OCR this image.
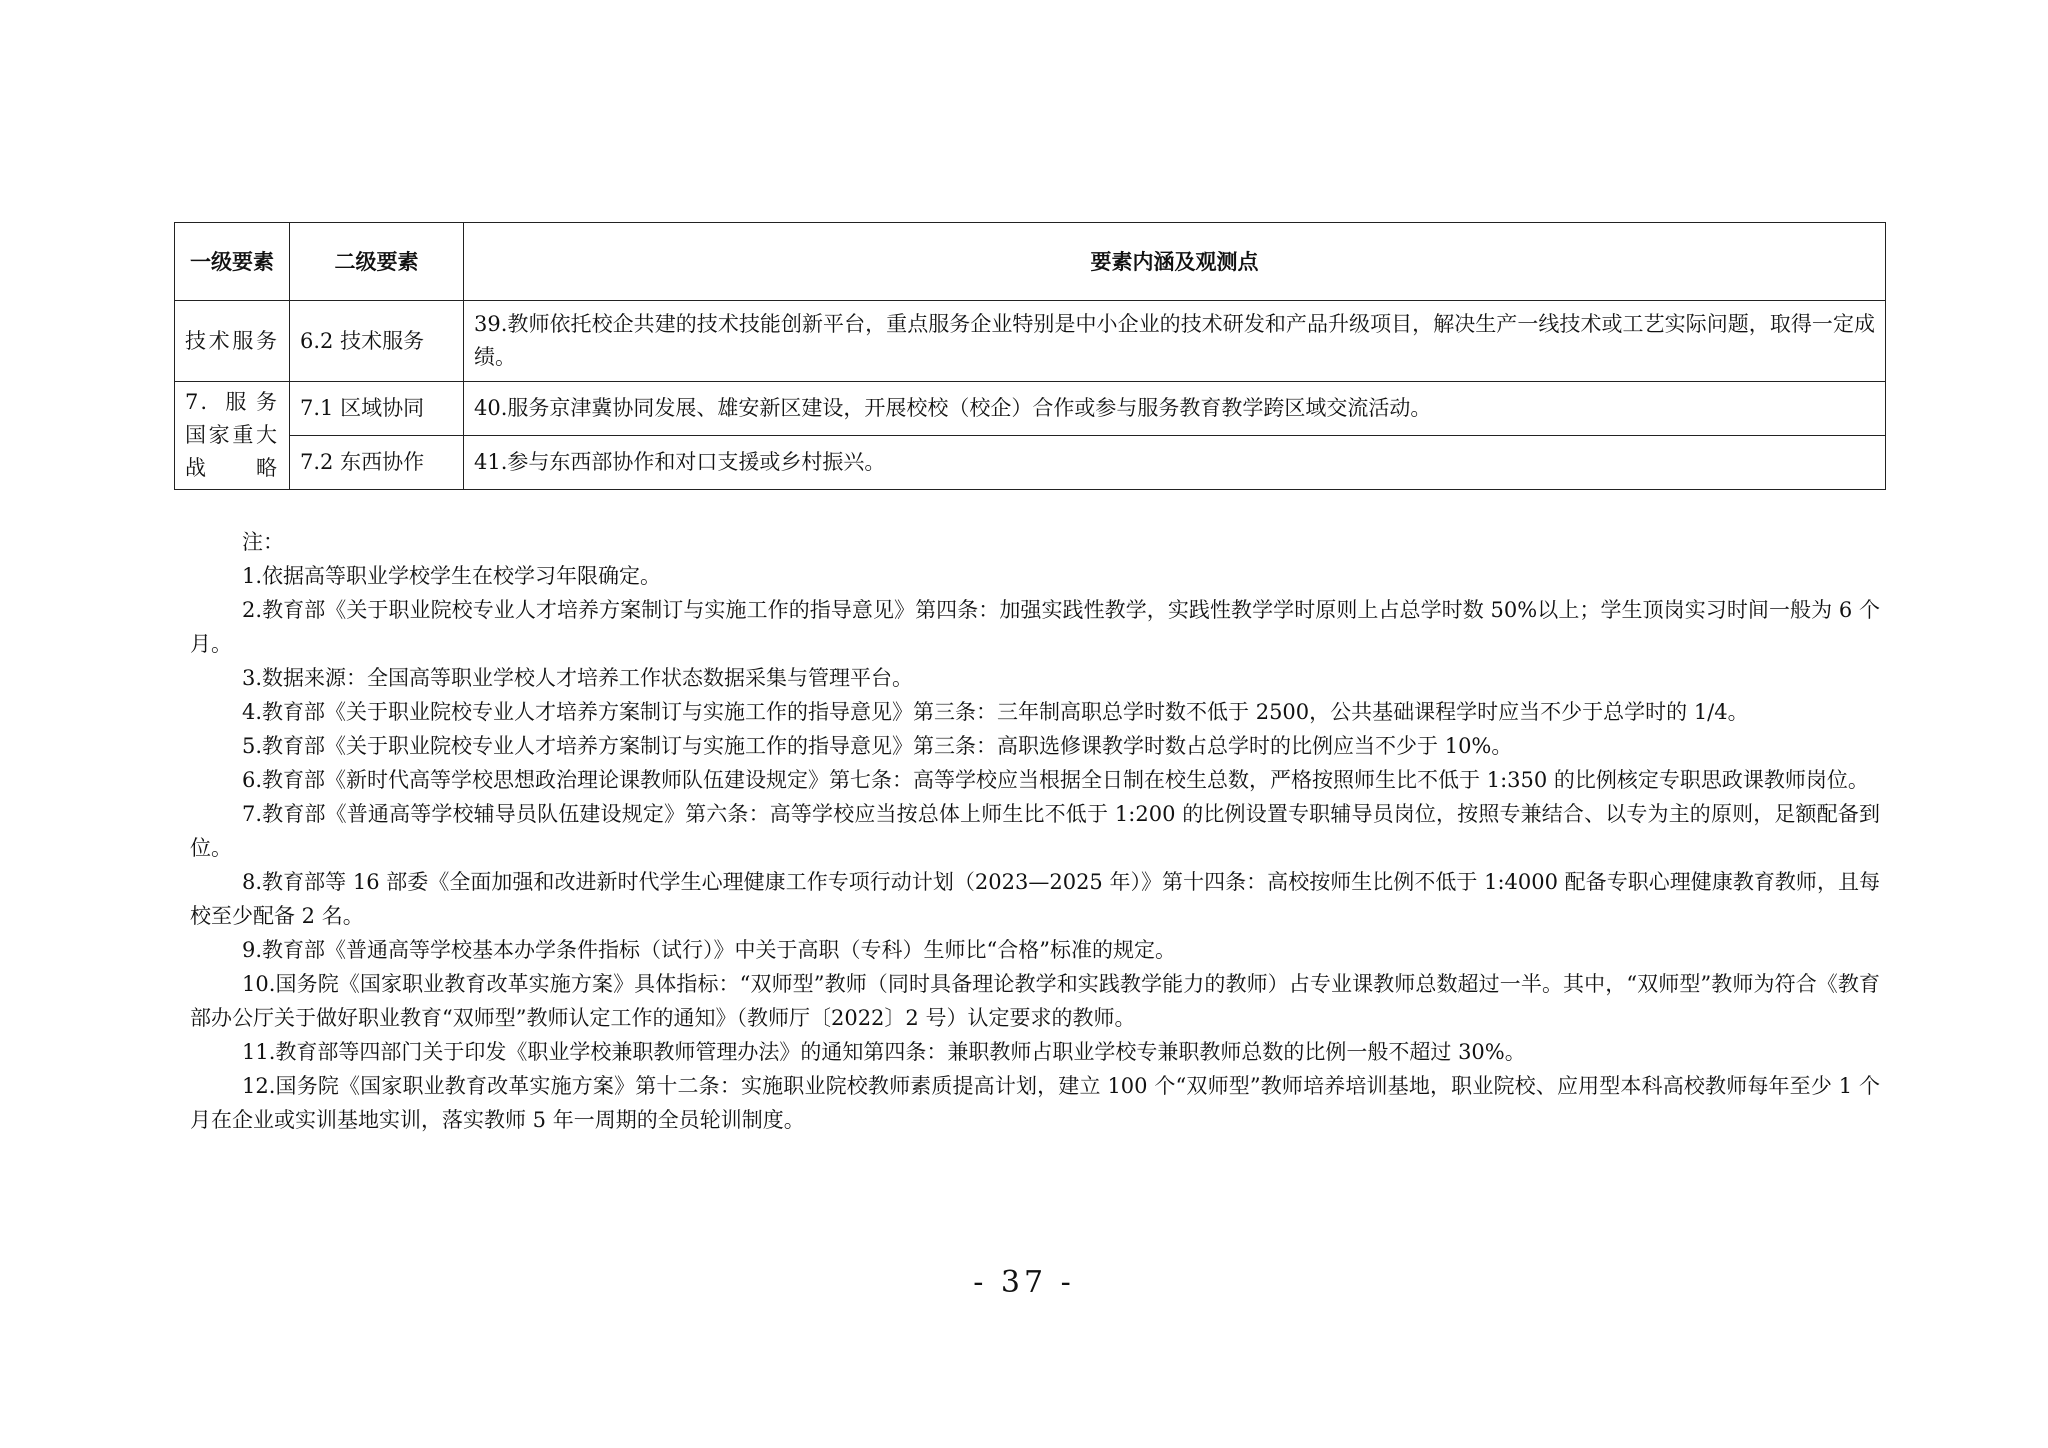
一级要素	二级要素	要素内涵及观测点
技术服务	6.2 技术服务	39.教师依托校企共建的技术技能创新平台，重点服务企业特别是中小企业的技术研发和产品升级项目，解决生产一线技术或工艺实际问题，取得一定成绩。
7. 服务国家重大战略	7.1 区域协同	40.服务京津冀协同发展、雄安新区建设，开展校校（校企）合作或参与服务教育教学跨区域交流活动。
	7.2 东西协作	41.参与东西部协作和对口支援或乡村振兴。

注：

1.依据高等职业学校学生在校学习年限确定。

2.教育部《关于职业院校专业人才培养方案制订与实施工作的指导意见》第四条：加强实践性教学，实践性教学学时原则上占总学时数 50%以上；学生顶岗实习时间一般为 6 个月。

3.数据来源：全国高等职业学校人才培养工作状态数据采集与管理平台。

4.教育部《关于职业院校专业人才培养方案制订与实施工作的指导意见》第三条：三年制高职总学时数不低于 2500，公共基础课程学时应当不少于总学时的 1/4。

5.教育部《关于职业院校专业人才培养方案制订与实施工作的指导意见》第三条：高职选修课教学时数占总学时的比例应当不少于 10%。

6.教育部《新时代高等学校思想政治理论课教师队伍建设规定》第七条：高等学校应当根据全日制在校生总数，严格按照师生比不低于 1:350 的比例核定专职思政课教师岗位。

7.教育部《普通高等学校辅导员队伍建设规定》第六条：高等学校应当按总体上师生比不低于 1:200 的比例设置专职辅导员岗位，按照专兼结合、以专为主的原则，足额配备到位。

8.教育部等 16 部委《全面加强和改进新时代学生心理健康工作专项行动计划（2023—2025 年）》第十四条：高校按师生比例不低于 1:4000 配备专职心理健康教育教师，且每校至少配备 2 名。

9.教育部《普通高等学校基本办学条件指标（试行）》中关于高职（专科）生师比“合格”标准的规定。

10.国务院《国家职业教育改革实施方案》具体指标：“双师型”教师（同时具备理论教学和实践教学能力的教师）占专业课教师总数超过一半。其中，“双师型”教师为符合《教育部办公厅关于做好职业教育“双师型”教师认定工作的通知》（教师厅〔2022〕2 号）认定要求的教师。

11.教育部等四部门关于印发《职业学校兼职教师管理办法》的通知第四条：兼职教师占职业学校专兼职教师总数的比例一般不超过 30%。

12.国务院《国家职业教育改革实施方案》第十二条：实施职业院校教师素质提高计划，建立 100 个“双师型”教师培养培训基地，职业院校、应用型本科高校教师每年至少 1 个月在企业或实训基地实训，落实教师 5 年一周期的全员轮训制度。

- 37 -
